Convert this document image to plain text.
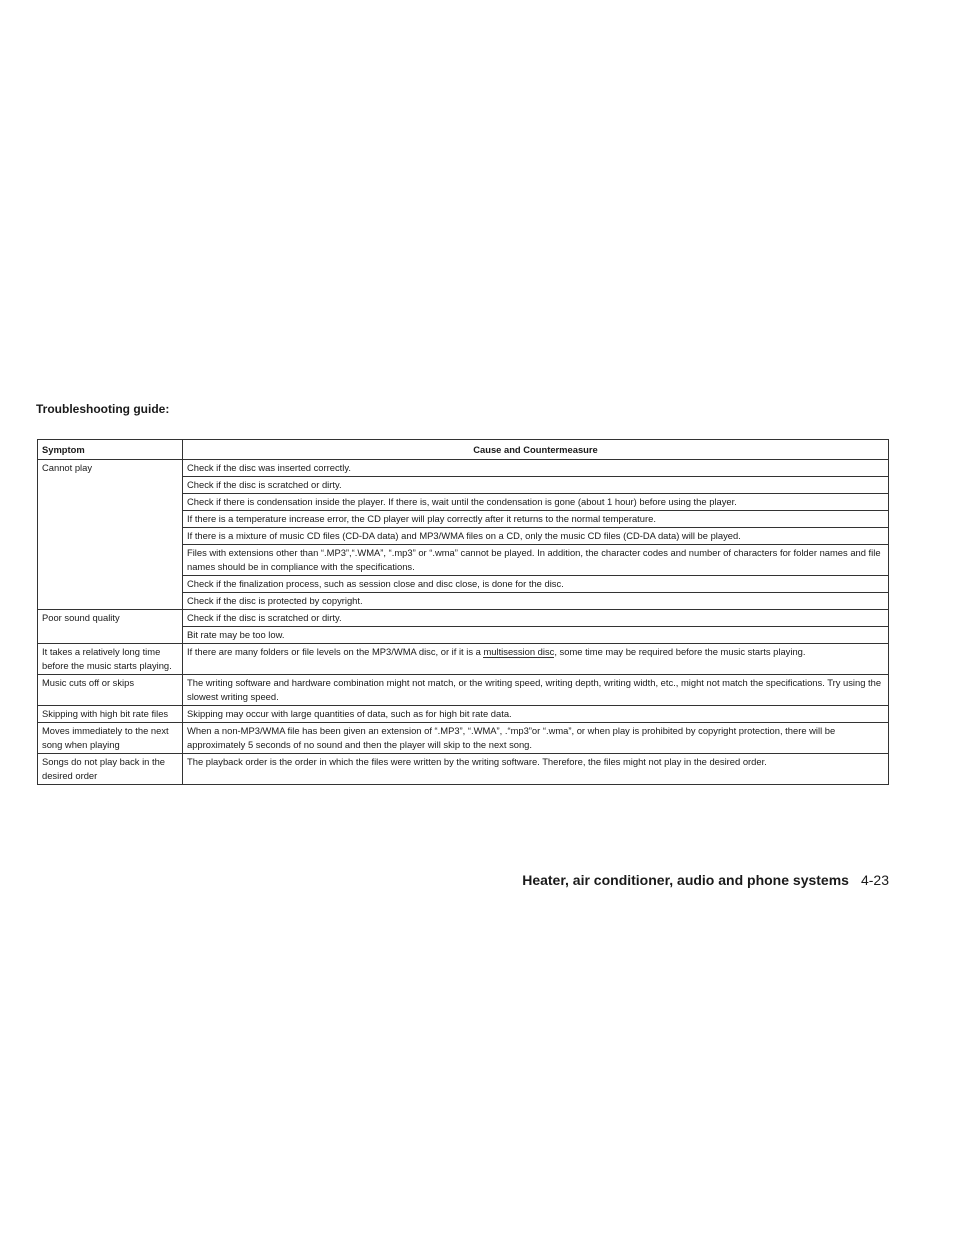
Troubleshooting guide:
Symptom	Cause and Countermeasure
Cannot play	Check if the disc was inserted correctly.
	Check if the disc is scratched or dirty.
	Check if there is condensation inside the player. If there is, wait until the condensation is gone (about 1 hour) before using the player.
	If there is a temperature increase error, the CD player will play correctly after it returns to the normal temperature.
	If there is a mixture of music CD files (CD-DA data) and MP3/WMA files on a CD, only the music CD files (CD-DA data) will be played.
	Files with extensions other than “.MP3”,“.WMA”, “.mp3” or “.wma” cannot be played. In addition, the character codes and number of characters for folder names and file names should be in compliance with the specifications.
	Check if the finalization process, such as session close and disc close, is done for the disc.
	Check if the disc is protected by copyright.
Poor sound quality	Check if the disc is scratched or dirty.
	Bit rate may be too low.
It takes a relatively long time before the music starts playing.	If there are many folders or file levels on the MP3/WMA disc, or if it is a multisession disc, some time may be required before the music starts playing.
Music cuts off or skips	The writing software and hardware combination might not match, or the writing speed, writing depth, writing width, etc., might not match the specifications. Try using the slowest writing speed.
Skipping with high bit rate files	Skipping may occur with large quantities of data, such as for high bit rate data.
Moves immediately to the next song when playing	When a non-MP3/WMA file has been given an extension of “.MP3”, “.WMA”, .“mp3”or “.wma”, or when play is prohibited by copyright protection, there will be approximately 5 seconds of no sound and then the player will skip to the next song.
Songs do not play back in the desired order	The playback order is the order in which the files were written by the writing software. Therefore, the files might not play in the desired order.
Heater, air conditioner, audio and phone systems 4-23
